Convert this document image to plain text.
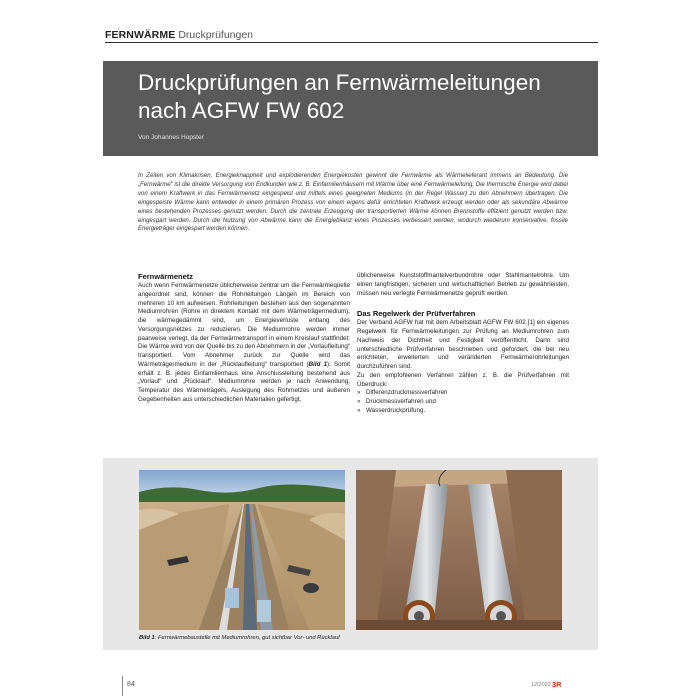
FERNWÄRME Druckprüfungen
Druckprüfungen an Fernwärmeleitungen
nach AGFW FW 602
Von Johannes Hopster
In Zeiten von Klimakrisen, Energieknappheit und explodierenden Energiekosten gewinnt die Fernwärme als Wärmelieferant immens an Bedeutung. Die „Fernwärme“ ist die direkte Versorgung von Endkunden wie z. B. Einfamilienhäusern mit Wärme über eine Fernwärmeleitung. Die thermische Energie wird dabei von einem Kraftwerk in das Fernwärmenetz eingespeist und mittels eines geeigneten Mediums (in der Regel Wasser) zu den Abnehmern übertragen. Die eingespeiste Wärme kann entweder in einem primären Prozess von einem eigens dafür errichteten Kraftwerk erzeugt werden oder als sekundäre Abwärme eines bestehenden Prozesses genutzt werden. Durch die zentrale Erzeugung der transportierten Wärme können Brennstoffe effizient genutzt werden bzw. eingespart werden. Durch die Nutzung von Abwärme kann die Energiebilanz eines Prozesses verbessert werden, wodurch wiederum konservative, fossile Energieträger eingespart werden können.
Fernwärmenetz

Auch wenn Fernwärmenetze üblicherweise zentral um die Fernwärmequelle angeordnet sind, können die Rohrleitungen Längen im Bereich von mehreren 10 km aufweisen. Rohrleitungen bestehen aus den sogenannten Mediumrohren (Rohre in direktem Kontakt mit dem Wärmeträgermedium), die wärmegedämmt sind, um Energieverluste entlang des Versorgungsnetzes zu reduzieren. Die Mediumrohre werden immer paarweise verlegt, da der Fernwärmetransport in einem Kreislauf stattfindet: Die Wärme wird von der Quelle bis zu den Abnehmern in der „Vorlaufleitung“ transportiert. Vom Abnehmer zurück zur Quelle wird das Wärmeträgermedium in der „Rücklaufleitung“ transportiert (Bild 1). Somit erhält z. B. jedes Einfamilienhaus eine Anschlussleitung bestehend aus „Vorlauf“ und „Rücklauf“. Mediumrohre werden je nach Anwendung, Temperatur des Wärmeträgers, Auslegung des Rohrnetzes und äußeren Gegebenheiten aus unterschiedlichen Materialien gefertigt,

üblicherweise Kunststoffmantelverbundrohre oder Stahlmantelrohre. Um einen langfristigen, sicheren und wirtschaftlichen Betrieb zu gewährleisten, müssen neu verlegte Fernwärmenetze geprüft werden.

Das Regelwerk der Prüfverfahren

Der Verband AGFW hat mit dem Arbeitsblatt AGFW FW 602 [1] ein eigenes Regelwerk für Fernwärmeleitungen zur Prüfung an Mediumrohren zum Nachweis der Dichtheit und Festigkeit veröffentlicht. Darin sind unterschiedliche Prüfverfahren beschrieben und gefordert, die bei neu errichteten, erweiterten und veränderten Fernwärmerohrleitungen durchzuführen sind.

Zu den empfohlenen Verfahren zählen z. B. die Prüfverfahren mit Überdruck:

» Differenzdruckmessverfahren
» Druckmessverfahren und
» Wasserdruckprüfung.
Bild 1: Fernwärmebaustelle mit Mediumrohren, gut sichtbar Vor- und Rücklauf
84	12|2022 3R
